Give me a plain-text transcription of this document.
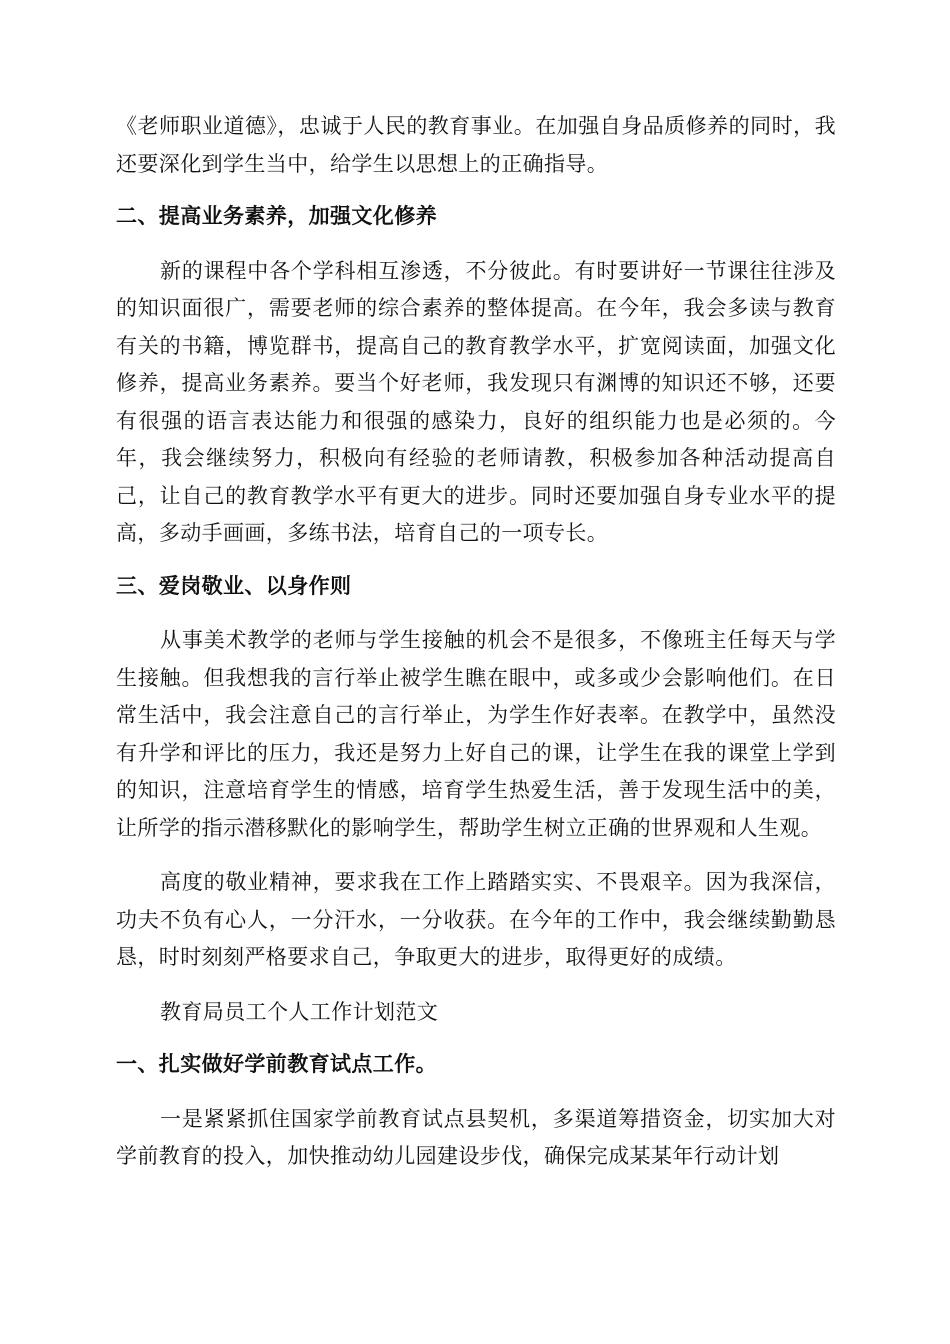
《老师职业道德》，忠诚于人民的教育事业。在加强自身品质修养的同时，我还要深化到学生当中，给学生以思想上的正确指导。

二、提高业务素养，加强文化修养

新的课程中各个学科相互渗透，不分彼此。有时要讲好一节课往往涉及的知识面很广，需要老师的综合素养的整体提高。在今年，我会多读与教育有关的书籍，博览群书，提高自己的教育教学水平，扩宽阅读面，加强文化修养，提高业务素养。要当个好老师，我发现只有渊博的知识还不够，还要有很强的语言表达能力和很强的感染力，良好的组织能力也是必须的。今年，我会继续努力，积极向有经验的老师请教，积极参加各种活动提高自己，让自己的教育教学水平有更大的进步。同时还要加强自身专业水平的提高，多动手画画，多练书法，培育自己的一项专长。

三、爱岗敬业、以身作则

从事美术教学的老师与学生接触的机会不是很多，不像班主任每天与学生接触。但我想我的言行举止被学生瞧在眼中，或多或少会影响他们。在日常生活中，我会注意自己的言行举止，为学生作好表率。在教学中，虽然没有升学和评比的压力，我还是努力上好自己的课，让学生在我的课堂上学到的知识，注意培育学生的情感，培育学生热爱生活，善于发现生活中的美，让所学的指示潜移默化的影响学生，帮助学生树立正确的世界观和人生观。

高度的敬业精神，要求我在工作上踏踏实实、不畏艰辛。因为我深信，功夫不负有心人，一分汗水，一分收获。在今年的工作中，我会继续勤勤恳恳，时时刻刻严格要求自己，争取更大的进步，取得更好的成绩。

教育局员工个人工作计划范文

一、扎实做好学前教育试点工作。

一是紧紧抓住国家学前教育试点县契机，多渠道筹措资金，切实加大对学前教育的投入，加快推动幼儿园建设步伐，确保完成某某年行动计划
